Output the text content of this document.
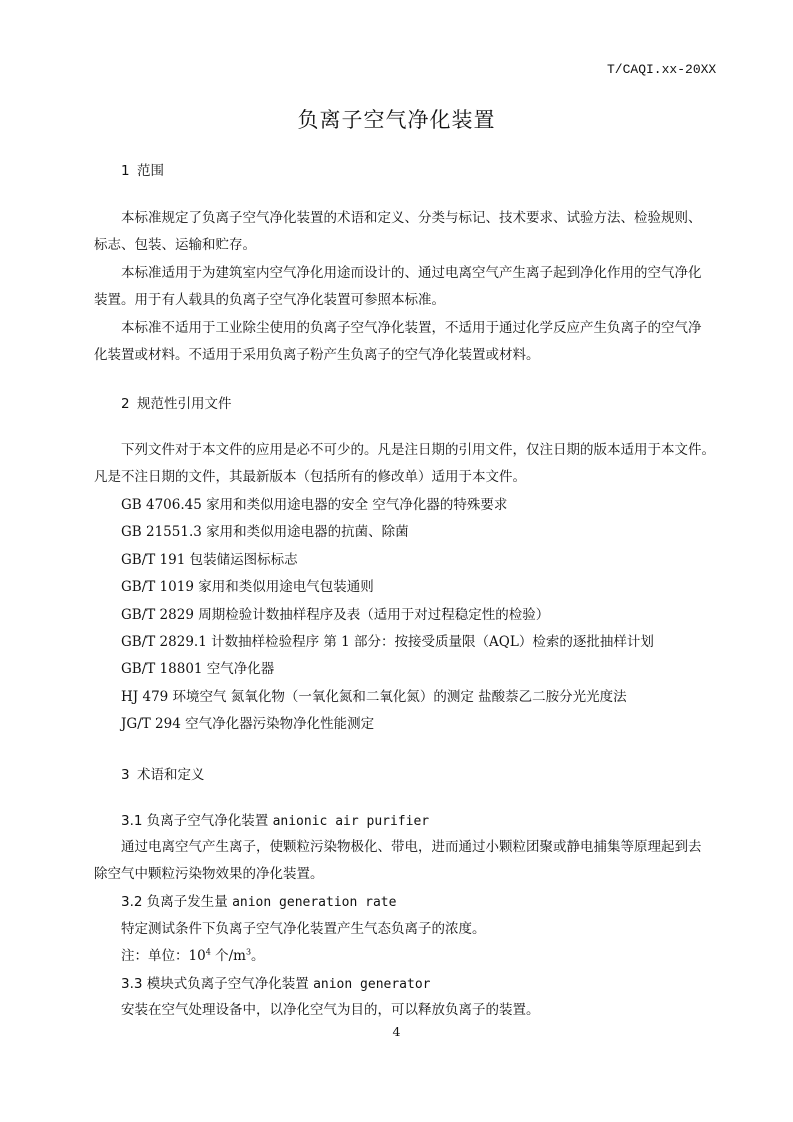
T/CAQI.xx-20XX
负离子空气净化装置
1 范围
本标准规定了负离子空气净化装置的术语和定义、分类与标记、技术要求、试验方法、检验规则、
标志、包装、运输和贮存。
本标准适用于为建筑室内空气净化用途而设计的、通过电离空气产生离子起到净化作用的空气净化
装置。用于有人载具的负离子空气净化装置可参照本标准。
本标准不适用于工业除尘使用的负离子空气净化装置，不适用于通过化学反应产生负离子的空气净
化装置或材料。不适用于采用负离子粉产生负离子的空气净化装置或材料。
2 规范性引用文件
下列文件对于本文件的应用是必不可少的。凡是注日期的引用文件，仅注日期的版本适用于本文件。
凡是不注日期的文件，其最新版本（包括所有的修改单）适用于本文件。
GB 4706.45 家用和类似用途电器的安全 空气净化器的特殊要求
GB 21551.3 家用和类似用途电器的抗菌、除菌
GB/T 191 包装储运图标标志
GB/T 1019 家用和类似用途电气包装通则
GB/T 2829 周期检验计数抽样程序及表（适用于对过程稳定性的检验）
GB/T 2829.1 计数抽样检验程序 第 1 部分：按接受质量限（AQL）检索的逐批抽样计划
GB/T 18801 空气净化器
HJ 479 环境空气 氮氧化物（一氧化氮和二氧化氮）的测定 盐酸萘乙二胺分光光度法
JG/T 294 空气净化器污染物净化性能测定
3 术语和定义
3.1 负离子空气净化装置 anionic air purifier
通过电离空气产生离子，使颗粒污染物极化、带电，进而通过小颗粒团聚或静电捕集等原理起到去
除空气中颗粒污染物效果的净化装置。
3.2 负离子发生量 anion generation rate
特定测试条件下负离子空气净化装置产生气态负离子的浓度。
注：单位：$10^4$ 个$/m^3$。
3.3 模块式负离子空气净化装置 anion generator
安装在空气处理设备中，以净化空气为目的，可以释放负离子的装置。
4
